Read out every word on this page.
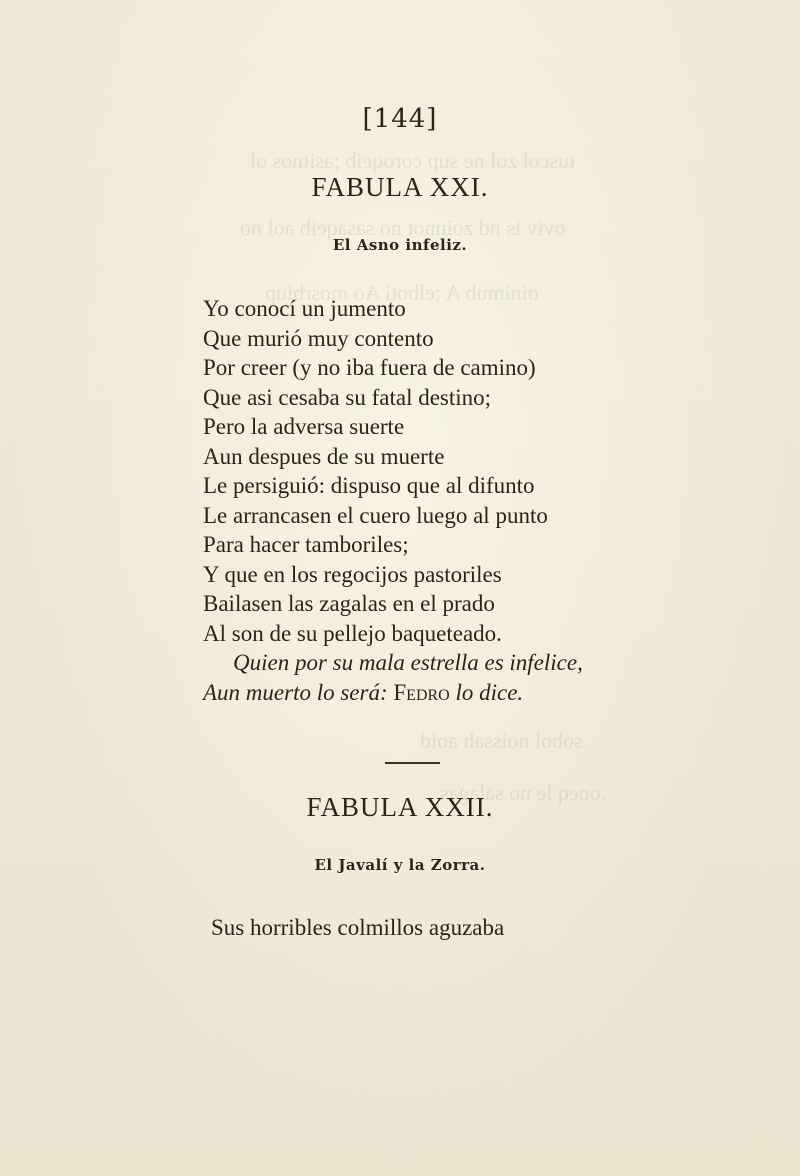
tuscol zol ne sup coroqeib ;asitnos ol
oviv is nd zoinnot no sasaqeib aol no
oinimub A ;elboti Ao mosrbiup
[144]
FABULA XXI.
El Asno infeliz.
Yo conocí un jumento
Que murió muy contento
Por creer (y no iba fuera de camino)
Que asi cesaba su fatal destino;
Pero la adversa suerte
Aun despues de su muerte
Le persiguió: dispuso que al difunto
Le arrancasen el cuero luego al punto
Para hacer tamboriles;
Y que en los regocijos pastoriles
Bailasen las zagalas en el prado
Al son de su pellejo baqueteado.
Quien por su mala estrella es infelice,
Aun muerto lo será: Fedro lo dice.
sobol noissah aoid
.oneq le no salagas
FABULA XXII.
El Javalí y la Zorra.
Sus horribles colmillos aguzaba
